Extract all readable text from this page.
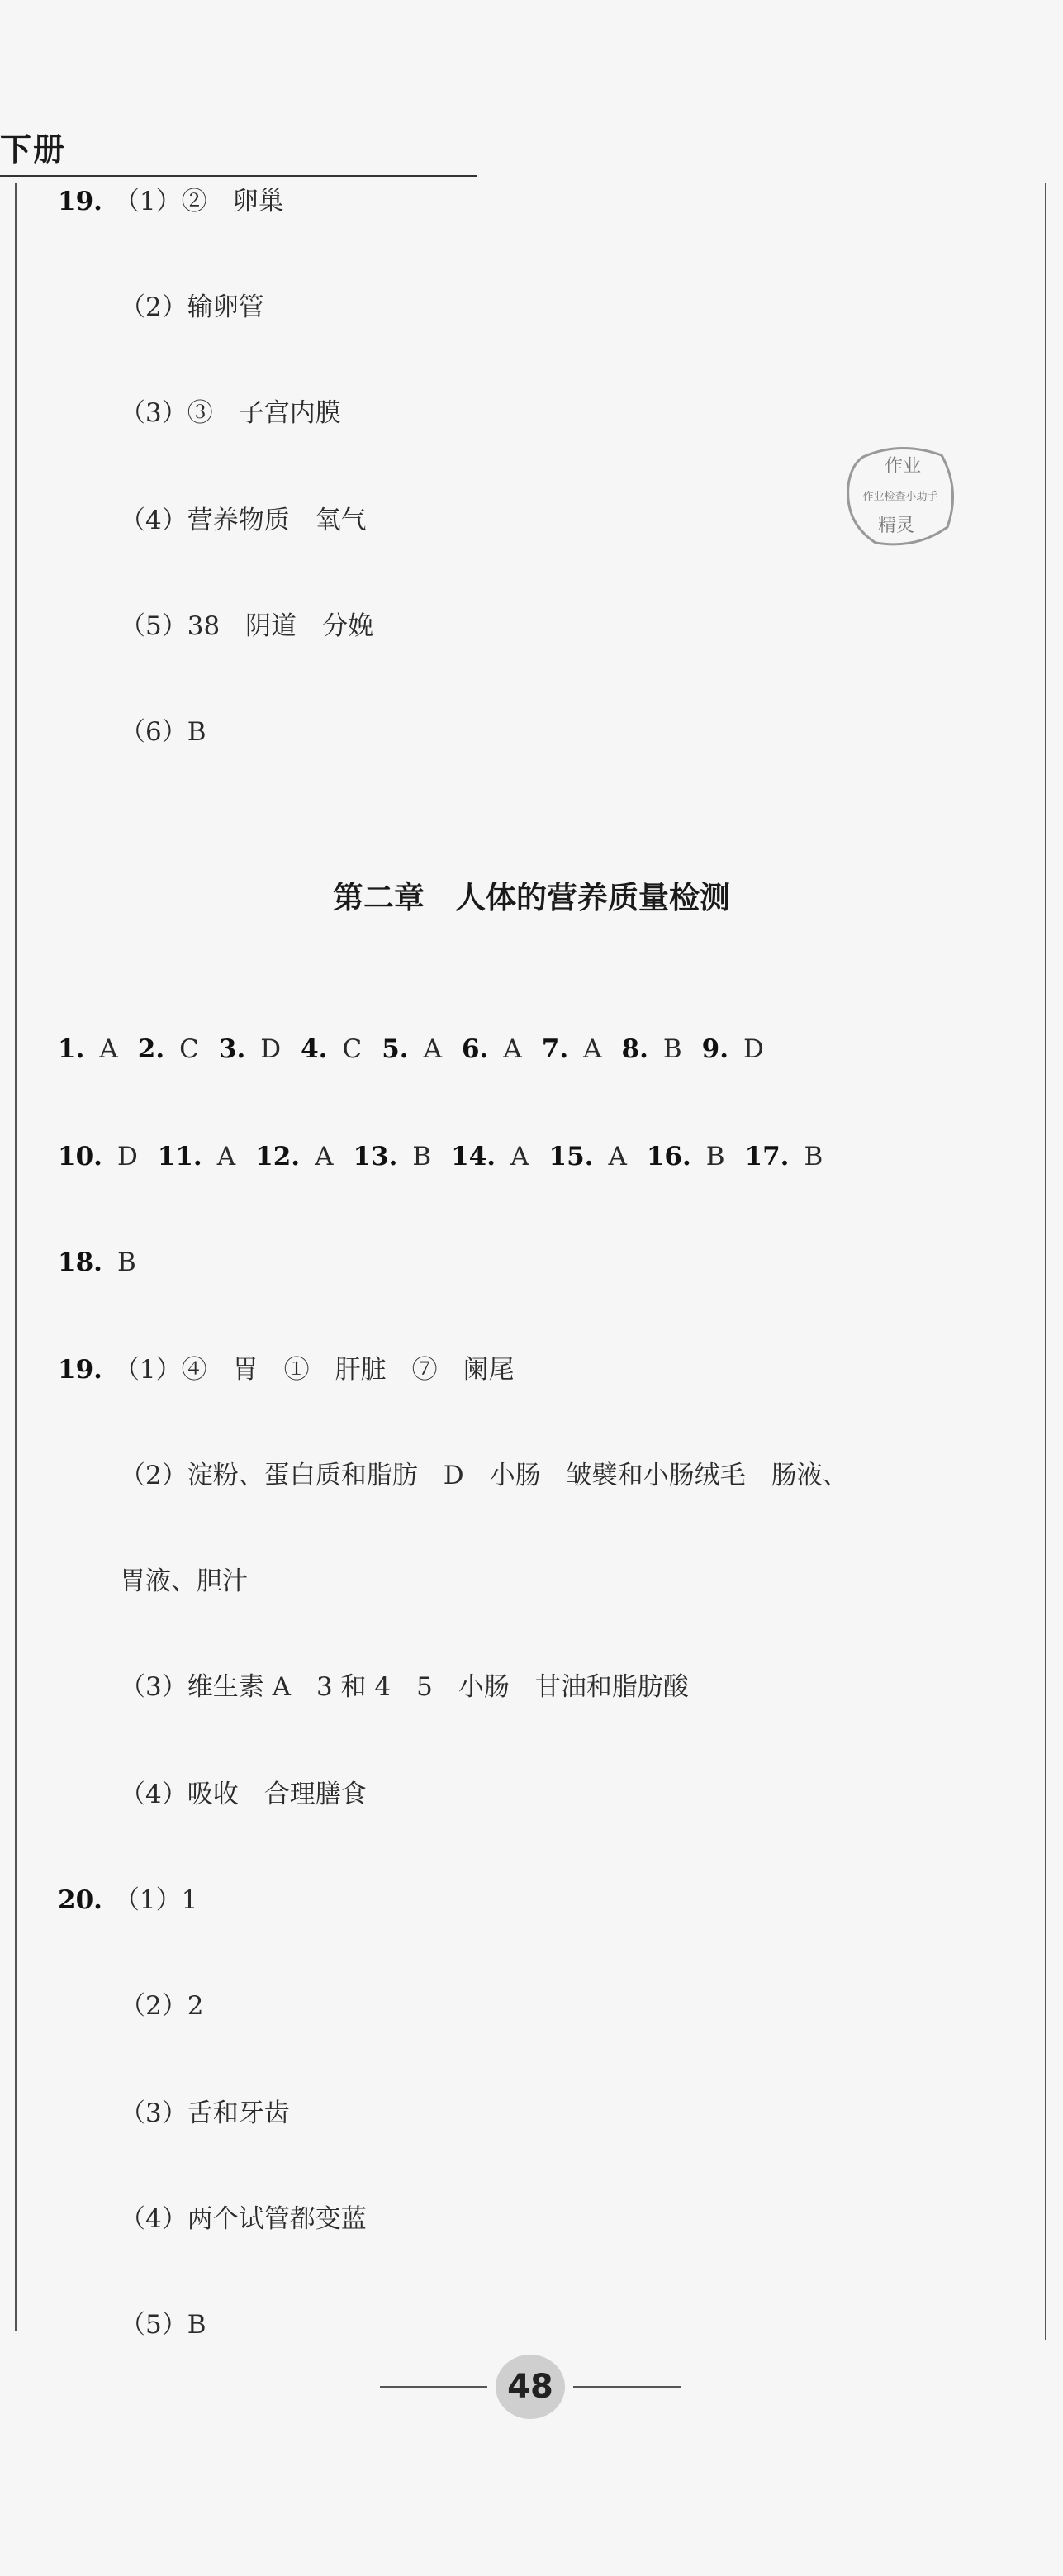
下册
19. （1）②　卵巢
（2）输卵管
（3）③　子宫内膜
（4）营养物质　氧气
（5）38　阴道　分娩
（6）B
作业
作业检查小助手
精灵
第二章　人体的营养质量检测
1. A 2. C 3. D 4. C 5. A 6. A 7. A 8. B 9. D
10. D 11. A 12. A 13. B 14. A 15. A 16. B 17. B
18. B
19. （1）④　胃　①　肝脏　⑦　阑尾
（2）淀粉、蛋白质和脂肪　D　小肠　皱襞和小肠绒毛　肠液、
胃液、胆汁
（3）维生素 A　3 和 4　5　小肠　甘油和脂肪酸
（4）吸收　合理膳食
20. （1）1
（2）2
（3）舌和牙齿
（4）两个试管都变蓝
（5）B
48
